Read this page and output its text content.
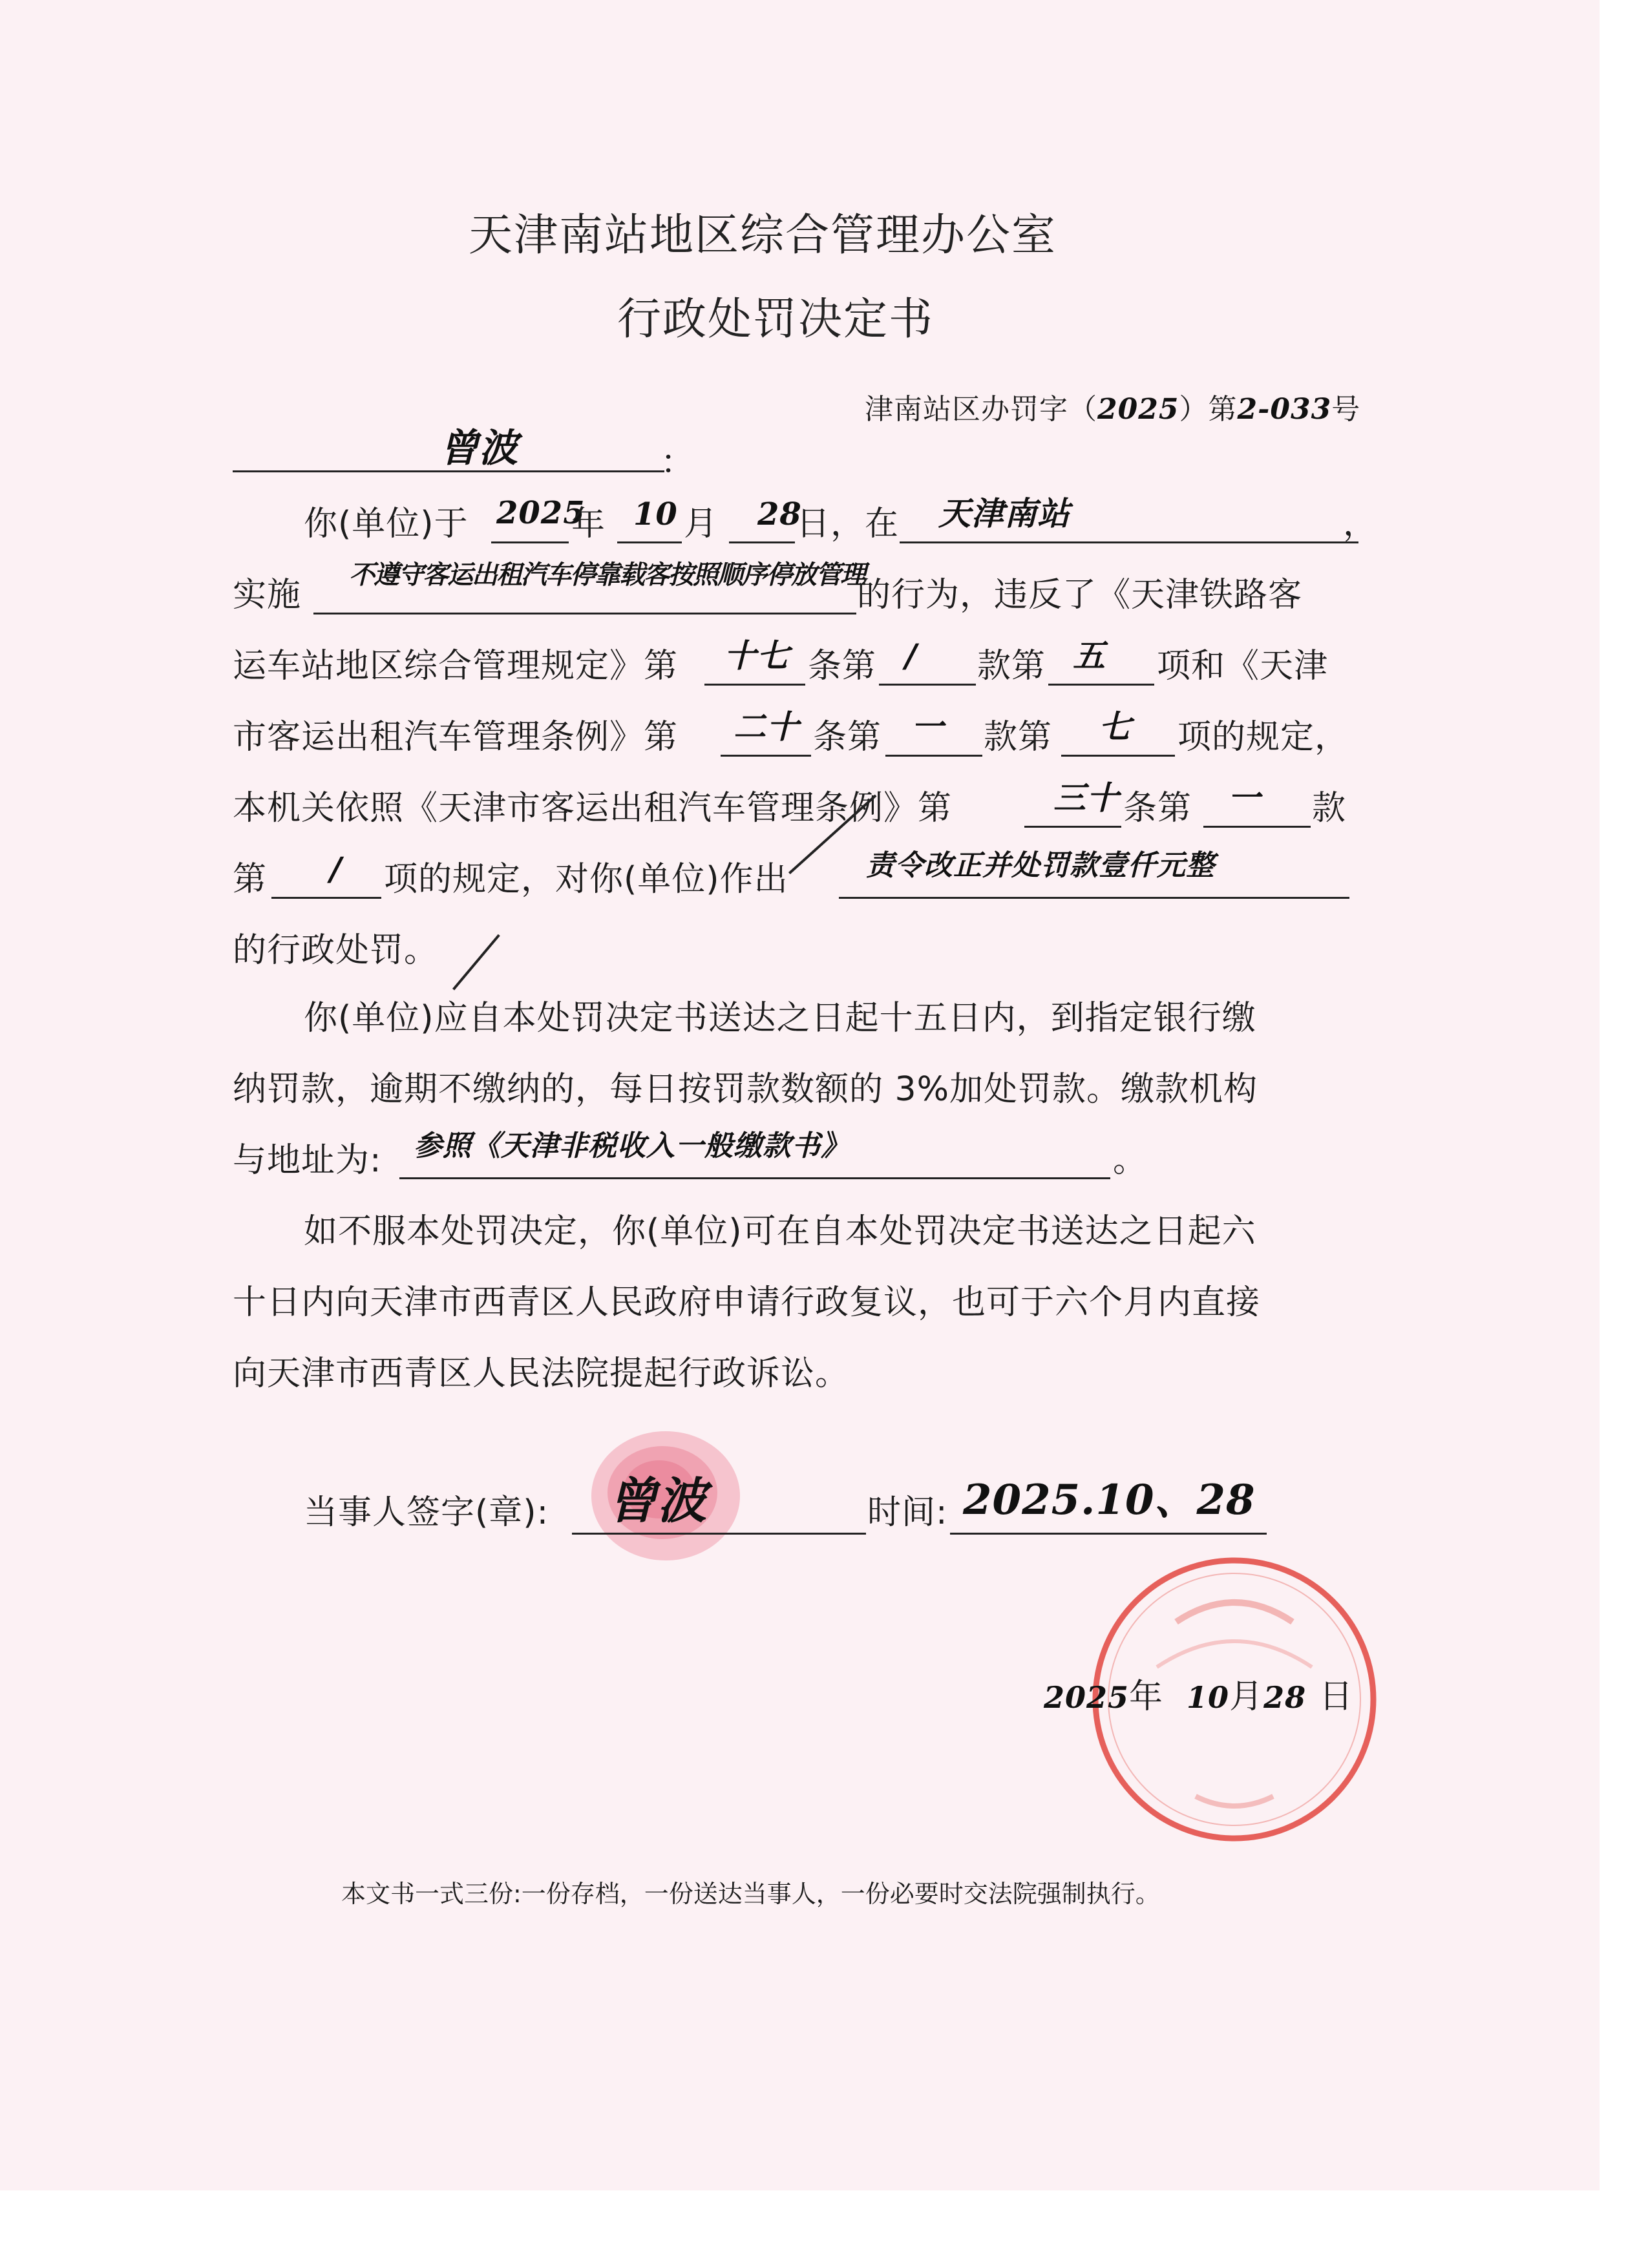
天津南站地区综合管理办公室
行政处罚决定书
津南站区办罚字（2025）第2-033号
曾波	：
你(单位)于 2025
年 10 月 28
日，在 天津南站	，
实施
不遵守客运出租汽车停靠载客按照顺序停放管理
的行为，违反了《天津铁路客
运车站地区综合管理规定》第 十七 条第 / 款第 五 项和《天津
市客运出租汽车管理条例》第 二十 条第 一 款第 七 项的规定，
本机关依照《天津市客运出租汽车管理条例》第	三十 条第 一 款
第 / 项的规定，对你(单位)作出	责令改正并处罚款壹仟元整
的行政处罚。
你(单位)应自本处罚决定书送达之日起十五日内，到指定银行缴
纳罚款，逾期不缴纳的，每日按罚款数额的 3%加处罚款。缴款机构
与地址为: 参照《天津非税收入一般缴款书》	。
如不服本处罚决定，你(单位)可在自本处罚决定书送达之日起六
十日内向天津市西青区人民政府申请行政复议，也可于六个月内直接
向天津市西青区人民法院提起行政诉讼。
当事人签字(章): 曾波	时间: 2025.10、28
2025年 10月28 日
本文书一式三份:一份存档，一份送达当事人，一份必要时交法院强制执行。
